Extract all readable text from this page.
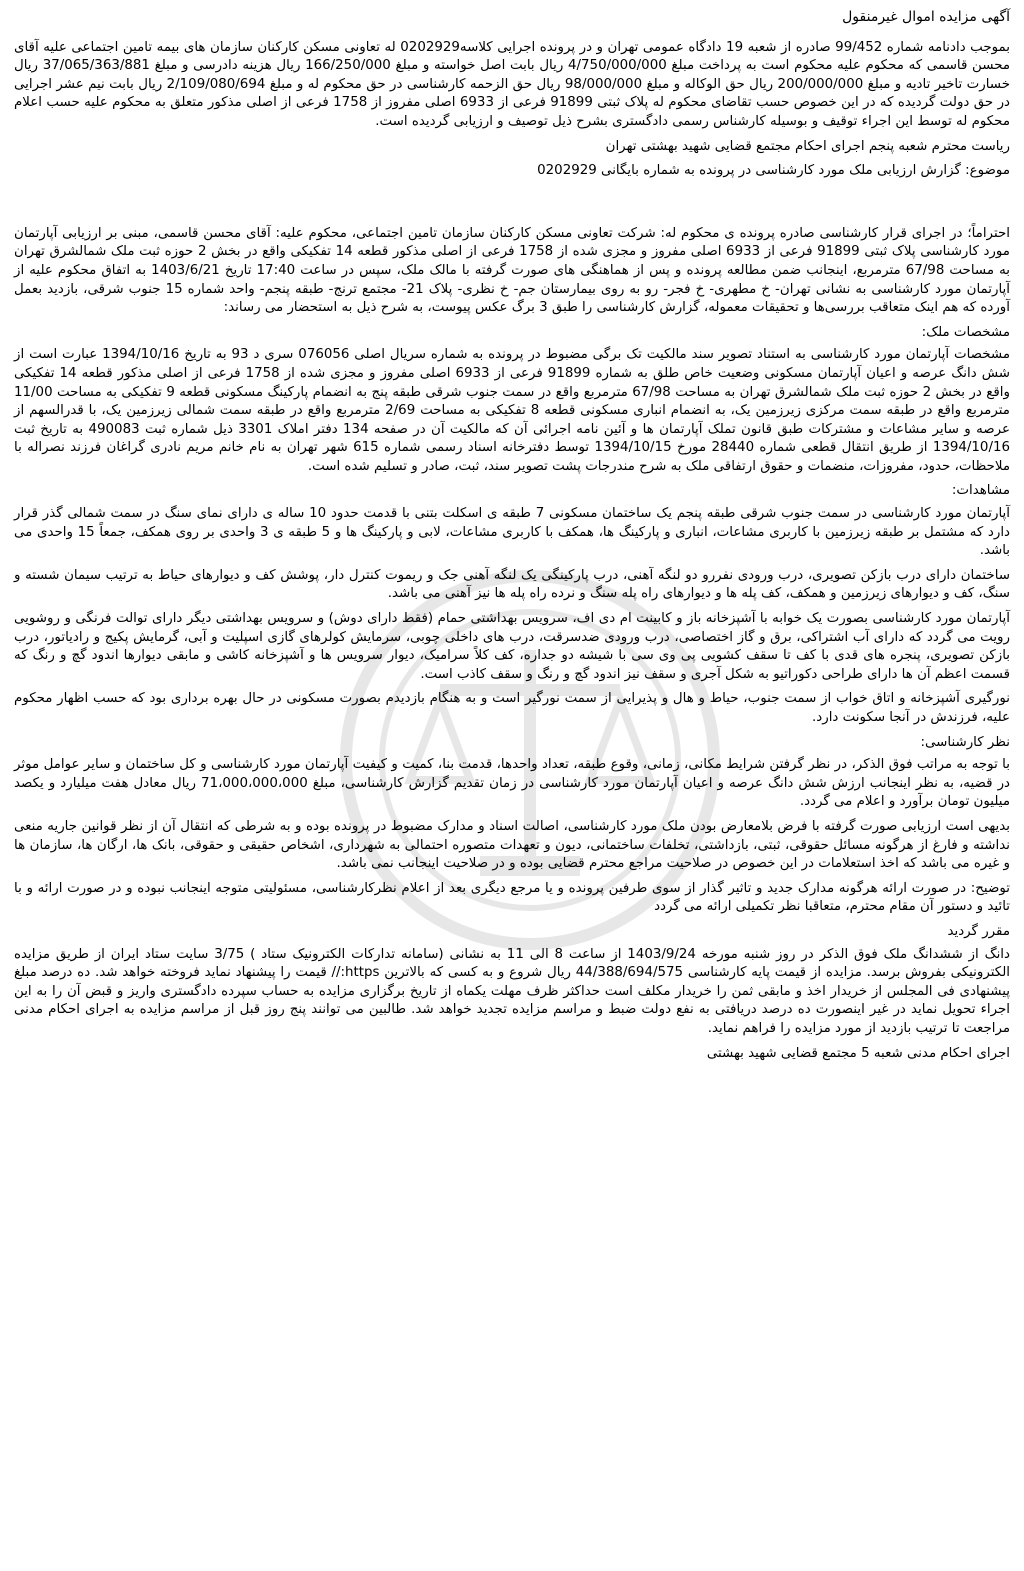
آگهی مزایده اموال غیرمنقول

بموجب دادنامه شماره 99/452 صادره از شعبه 19 دادگاه عمومی تهران و در پرونده اجرایی کلاسه0202929 له تعاونی مسکن کارکنان سازمان های بیمه تامین اجتماعی علیه آقای محسن قاسمی که محکوم علیه محکوم است به پرداخت مبلغ 4/750/000/000 ریال بابت اصل خواسته و مبلغ 166/250/000 ریال هزینه دادرسی و مبلغ 37/065/363/881 ریال خسارت تاخیر تادیه و مبلغ 200/000/000 ریال حق الوکاله و مبلغ 98/000/000 ریال حق الزحمه کارشناسی در حق محکوم له و مبلغ 2/109/080/694 ریال بابت نیم عشر اجرایی در حق دولت گردیده که در این خصوص حسب تقاضای محکوم له پلاک ثبتی 91899 فرعی از 6933 اصلی مفروز از 1758 فرعی از اصلی مذکور متعلق به محکوم علیه حسب اعلام محکوم له توسط این اجراء توقیف و بوسیله کارشناس رسمی دادگستری بشرح ذیل توصیف و ارزیابی گردیده است.

ریاست محترم شعبه پنجم اجرای احکام مجتمع قضایی شهید بهشتی تهران

موضوع: گزارش ارزیابی ملک مورد کارشناسی در پرونده به شماره بایگانی 0202929

احتراماً؛ در اجرای قرار کارشناسی صادره پرونده ی محکوم له: شرکت تعاونی مسکن کارکنان سازمان تامین اجتماعی، محکوم علیه: آقای محسن قاسمی، مبنی بر ارزیابی آپارتمان مورد کارشناسی پلاک ثبتی 91899 فرعی از 6933 اصلی مفروز و مجزی شده از 1758 فرعی از اصلی مذکور قطعه 14 تفکیکی واقع در بخش 2 حوزه ثبت ملک شمالشرق تهران به مساحت 67/98 مترمربع، اینجانب ضمن مطالعه پرونده و پس از هماهنگی های صورت گرفته با مالک ملک، سپس در ساعت 17:40 تاریخ 1403/6/21 به اتفاق محکوم علیه از آپارتمان مورد کارشناسی به نشانی تهران- خ مطهری- خ فجر- رو به روی بیمارستان جم- خ نظری- پلاک 21- مجتمع ترنج- طبقه پنجم- واحد شماره 15 جنوب شرقی، بازدید بعمل آورده که هم اینک متعاقب بررسی‌ها و تحقیقات معموله، گزارش کارشناسی را طبق 3 برگ عکس پیوست، به شرح ذیل به استحضار می رساند:

مشخصات ملک:

مشخصات آپارتمان مورد کارشناسی به استناد تصویر سند مالکیت تک برگی مضبوط در پرونده به شماره سریال اصلی 076056 سری د 93 به تاریخ 1394/10/16 عبارت است از شش دانگ عرصه و اعیان آپارتمان مسکونی وضعیت خاص طلق به شماره 91899 فرعی از 6933 اصلی مفروز و مجزی شده از 1758 فرعی از اصلی مذکور قطعه 14 تفکیکی واقع در بخش 2 حوزه ثبت ملک شمالشرق تهران به مساحت 67/98 مترمربع واقع در سمت جنوب شرقی طبقه پنج به انضمام پارکینگ مسکونی قطعه 9 تفکیکی به مساحت 11/00 مترمربع واقع در طبقه سمت مرکزی زیرزمین یک، به انضمام انباری مسکونی قطعه 8 تفکیکی به مساحت 2/69 مترمربع واقع در طبقه سمت شمالی زیرزمین یک، با قدرالسهم از عرصه و سایر مشاعات و مشترکات طبق قانون تملک آپارتمان ها و آئین نامه اجرائی آن که مالکیت آن در صفحه 134 دفتر املاک 3301 ذیل شماره ثبت 490083 به تاریخ ثبت 1394/10/16 از طریق انتقال قطعی شماره 28440 مورخ 1394/10/15 توسط دفترخانه اسناد رسمی شماره 615 شهر تهران به نام خانم مریم نادری گراغان فرزند نصراله با ملاحظات، حدود، مفروزات، منضمات و حقوق ارتفاقی ملک به شرح مندرجات پشت تصویر سند، ثبت، صادر و تسلیم شده است.

مشاهدات:

آپارتمان مورد کارشناسی در سمت جنوب شرقی طبقه پنجم یک ساختمان مسکونی 7 طبقه ی اسکلت بتنی با قدمت حدود 10 ساله ی دارای نمای سنگ در سمت شمالی گذر قرار دارد که مشتمل بر طبقه زیرزمین با کاربری مشاعات، انباری و پارکینگ ها، همکف با کاربری مشاعات، لابی و پارکینگ ها و 5 طبقه ی 3 واحدی بر روی همکف، جمعاً 15 واحدی می باشد.

ساختمان دارای درب بازکن تصویری، درب ورودی نفررو دو لنگه آهنی، درب پارکینگی یک لنگه آهنی جک و ریموت کنترل دار، پوشش کف و دیوارهای حیاط به ترتیب سیمان شسته و سنگ، کف و دیوارهای زیرزمین و همکف، کف پله ها و دیوارهای راه پله سنگ و نرده راه پله ها نیز آهنی می باشد.

آپارتمان مورد کارشناسی بصورت یک خوابه با آشپزخانه باز و کابینت ام دی اف، سرویس بهداشتی حمام (فقط دارای دوش) و سرویس بهداشتی دیگر دارای توالت فرنگی و روشویی رویت می گردد که دارای آب اشتراکی، برق و گاز اختصاصی، درب ورودی ضدسرقت، درب های داخلی چوبی، سرمایش کولرهای گازی اسپلیت و آبی، گرمایش پکیج و رادیاتور، درب بازکن تصویری، پنجره های قدی با کف تا سقف کشویی پی وی سی با شیشه دو جداره، کف کلاً سرامیک، دیوار سرویس ها و آشپزخانه کاشی و مابقی دیوارها اندود گچ و رنگ که قسمت اعظم آن ها دارای طراحی دکوراتیو به شکل آجری و سقف نیز اندود گچ و رنگ و سقف کاذب است.

نورگیری آشپزخانه و اتاق خواب از سمت جنوب، حیاط و هال و پذیرایی از سمت نورگیر است و به هنگام بازدیدم بصورت مسکونی در حال بهره برداری بود که حسب اظهار محکوم علیه، فرزندش در آنجا سکونت دارد.

نظر کارشناسی:

با توجه به مراتب فوق الذکر، در نظر گرفتن شرایط مکانی، زمانی، وقوع طبقه، تعداد واحدها، قدمت بنا، کمیت و کیفیت آپارتمان مورد کارشناسی و کل ساختمان و سایر عوامل موثر در قضیه، به نظر اینجانب ارزش شش دانگ عرصه و اعیان آپارتمان مورد کارشناسی در زمان تقدیم گزارش کارشناسی، مبلغ 71،000،000،000 ریال معادل هفت میلیارد و یکصد میلیون تومان برآورد و اعلام می گردد.

بدیهی است ارزیابی صورت گرفته با فرض بلامعارض بودن ملک مورد کارشناسی، اصالت اسناد و مدارک مضبوط در پرونده بوده و به شرطی که انتقال آن از نظر قوانین جاریه منعی نداشته و فارغ از هرگونه مسائل حقوقی، ثبتی، بازداشتی، تخلفات ساختمانی، دیون و تعهدات متصوره احتمالی به شهرداری، اشخاص حقیقی و حقوقی، بانک ها، ارگان ها، سازمان ها و غیره می باشد که اخذ استعلامات در این خصوص در صلاحیت مراجع محترم قضایی بوده و در صلاحیت اینجانب نمی باشد.

توضیح: در صورت ارائه هرگونه مدارک جدید و تاثیر گذار از سوی طرفین پرونده و یا مرجع دیگری بعد از اعلام نظرکارشناسی، مسئولیتی متوجه اینجانب نبوده و در صورت ارائه و با تائید و دستور آن مقام محترم، متعاقبا نظر تکمیلی ارائه می گردد

مقرر گردید

دانگ از ششدانگ ملک فوق الذکر در روز شنبه مورخه 1403/9/24 از ساعت 8 الی 11 به نشانی (سامانه تدارکات الکترونیک ستاد ) 3/75 سایت ستاد ایران از طریق مزایده الکترونیکی بفروش برسد. مزایده از قیمت پایه کارشناسی 44/388/694/575 ریال شروع و به کسی که بالاترین https:// قیمت را پیشنهاد نماید فروخته خواهد شد. ده درصد مبلغ پیشنهادی فی المجلس از خریدار اخذ و مابقی ثمن را خریدار مکلف است حداکثر ظرف مهلت یکماه از تاریخ برگزاری مزایده به حساب سپرده دادگستری واریز و قبض آن را به این اجراء تحویل نماید در غیر اینصورت ده درصد دریافتی به نفع دولت ضبط و مراسم مزایده تجدید خواهد شد. طالبین می توانند پنج روز قبل از مراسم مزایده به اجرای احکام مدنی مراجعت تا ترتیب بازدید از مورد مزایده را فراهم نماید.

اجرای احکام مدنی شعبه 5 مجتمع قضایی شهید بهشتی
